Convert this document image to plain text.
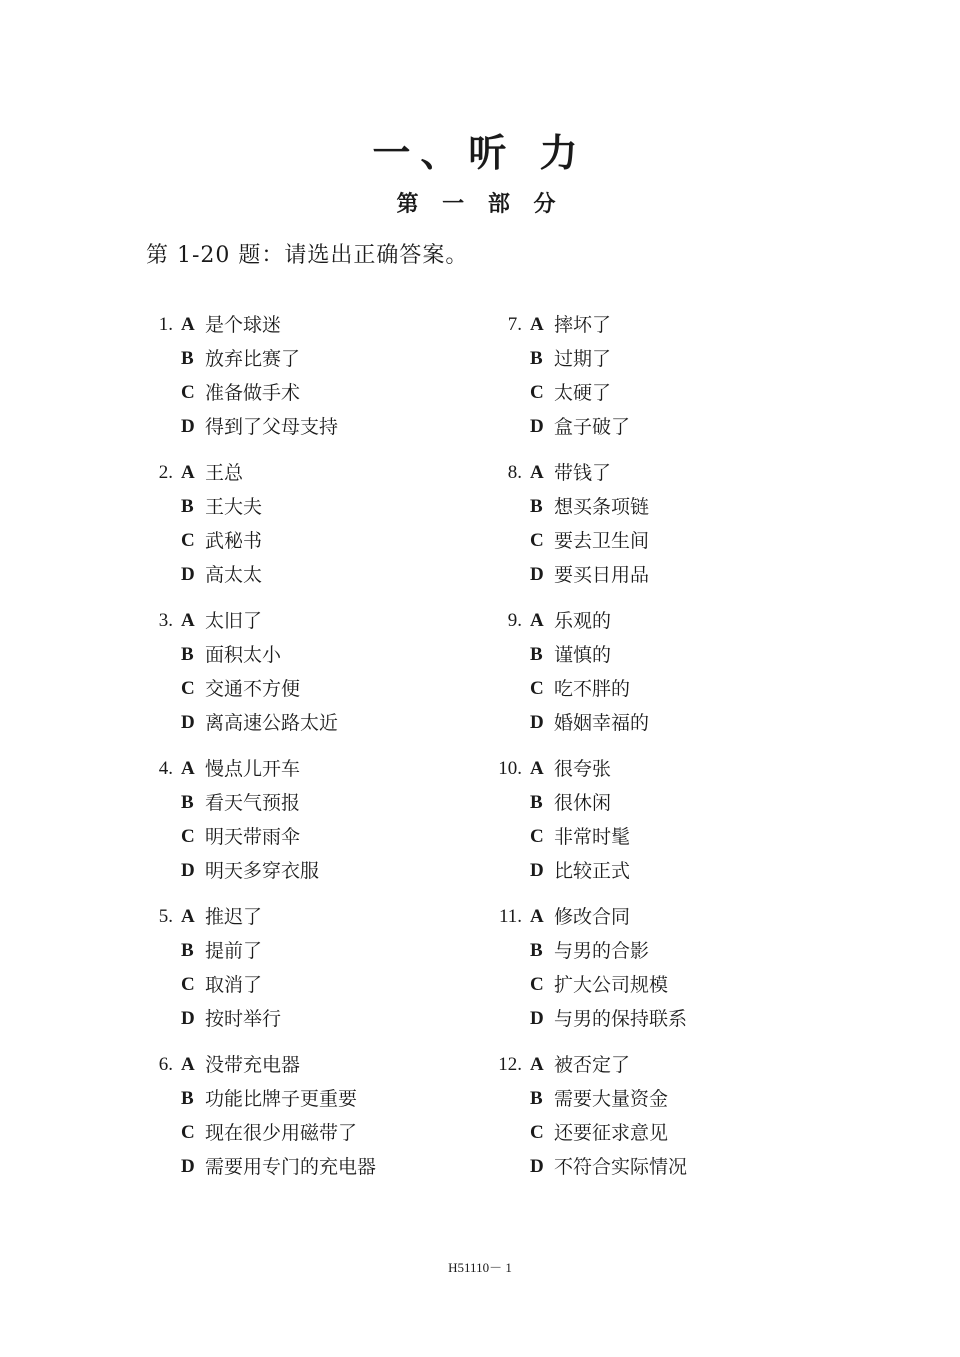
一、听 力
第 一 部 分
第 1-20 题：请选出正确答案。
1. A 是个球迷
B 放弃比赛了
C 准备做手术
D 得到了父母支持
2. A 王总
B 王大夫
C 武秘书
D 高太太
3. A 太旧了
B 面积太小
C 交通不方便
D 离高速公路太近
4. A 慢点儿开车
B 看天气预报
C 明天带雨伞
D 明天多穿衣服
5. A 推迟了
B 提前了
C 取消了
D 按时举行
6. A 没带充电器
B 功能比牌子更重要
C 现在很少用磁带了
D 需要用专门的充电器
7. A 摔坏了
B 过期了
C 太硬了
D 盒子破了
8. A 带钱了
B 想买条项链
C 要去卫生间
D 要买日用品
9. A 乐观的
B 谨慎的
C 吃不胖的
D 婚姻幸福的
10. A 很夸张
B 很休闲
C 非常时髦
D 比较正式
11. A 修改合同
B 与男的合影
C 扩大公司规模
D 与男的保持联系
12. A 被否定了
B 需要大量资金
C 还要征求意见
D 不符合实际情况
H51110－ 1
